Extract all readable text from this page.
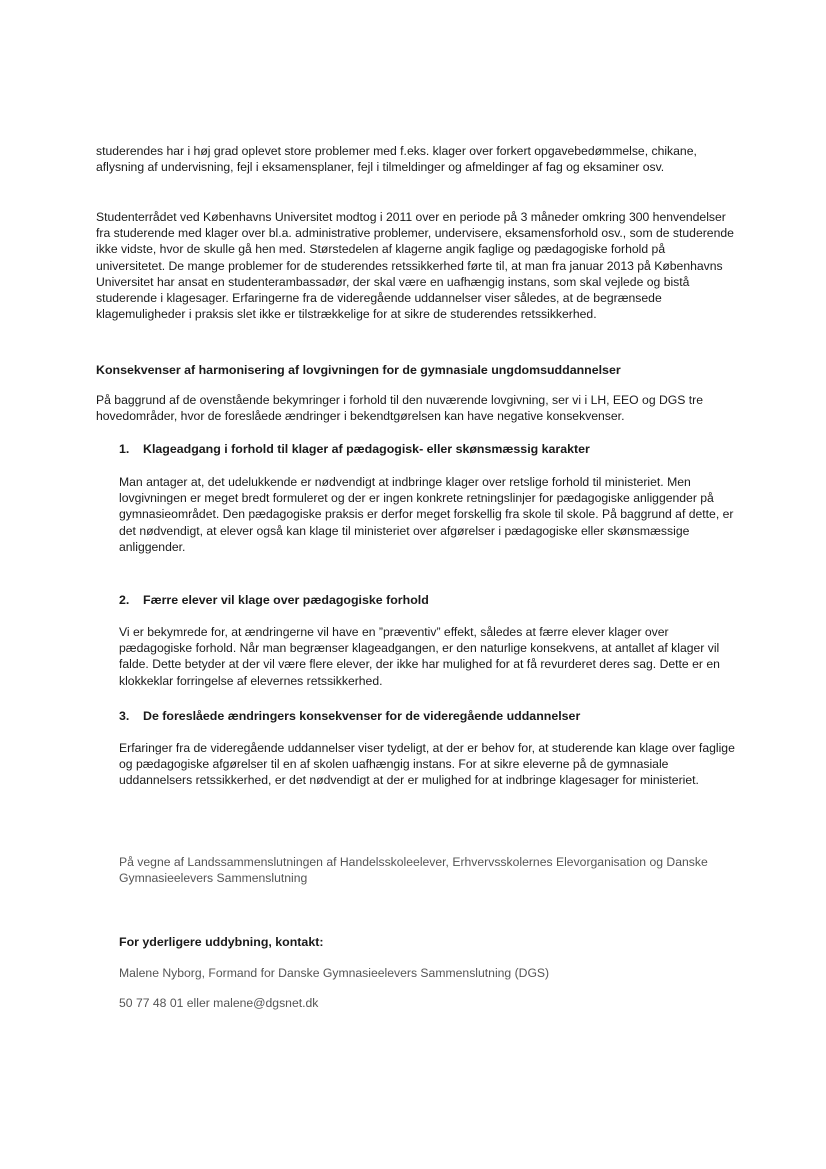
studerendes har i høj grad oplevet store problemer med f.eks. klager over forkert opgavebedømmelse, chikane, aflysning af undervisning, fejl i eksamensplaner, fejl i tilmeldinger og afmeldinger af fag og eksaminer osv.

Studenterrådet ved Københavns Universitet modtog i 2011 over en periode på 3 måneder omkring 300 henvendelser fra studerende med klager over bl.a. administrative problemer, undervisere, eksamensforhold osv., som de studerende ikke vidste, hvor de skulle gå hen med. Størstedelen af klagerne angik faglige og pædagogiske forhold på universitetet. De mange problemer for de studerendes retssikkerhed førte til, at man fra januar 2013 på Københavns Universitet har ansat en studenterambassadør, der skal være en uafhængig instans, som skal vejlede og bistå studerende i klagesager. Erfaringerne fra de videregående uddannelser viser således, at de begrænsede klagemuligheder i praksis slet ikke er tilstrækkelige for at sikre de studerendes retssikkerhed.

Konsekvenser af harmonisering af lovgivningen for de gymnasiale ungdomsuddannelser

På baggrund af de ovenstående bekymringer i forhold til den nuværende lovgivning, ser vi i LH, EEO og DGS tre hovedområder, hvor de foreslåede ændringer i bekendtgørelsen kan have negative konsekvenser.

1. Klageadgang i forhold til klager af pædagogisk- eller skønsmæssig karakter

Man antager at, det udelukkende er nødvendigt at indbringe klager over retslige forhold til ministeriet. Men lovgivningen er meget bredt formuleret og der er ingen konkrete retningslinjer for pædagogiske anliggender på gymnasieområdet. Den pædagogiske praksis er derfor meget forskellig fra skole til skole. På baggrund af dette, er det nødvendigt, at elever også kan klage til ministeriet over afgørelser i pædagogiske eller skønsmæssige anliggender.

2. Færre elever vil klage over pædagogiske forhold

Vi er bekymrede for, at ændringerne vil have en ”præventiv” effekt, således at færre elever klager over pædagogiske forhold. Når man begrænser klageadgangen, er den naturlige konsekvens, at antallet af klager vil falde. Dette betyder at der vil være flere elever, der ikke har mulighed for at få revurderet deres sag. Dette er en klokkeklar forringelse af elevernes retssikkerhed.

3. De foreslåede ændringers konsekvenser for de videregående uddannelser

Erfaringer fra de videregående uddannelser viser tydeligt, at der er behov for, at studerende kan klage over faglige og pædagogiske afgørelser til en af skolen uafhængig instans. For at sikre eleverne på de gymnasiale uddannelsers retssikkerhed, er det nødvendigt at der er mulighed for at indbringe klagesager for ministeriet.

På vegne af Landssammenslutningen af Handelsskoleelever, Erhvervsskolernes Elevorganisation og Danske Gymnasieelevers Sammenslutning

For yderligere uddybning, kontakt:

Malene Nyborg, Formand for Danske Gymnasieelevers Sammenslutning (DGS)

50 77 48 01 eller malene@dgsnet.dk
